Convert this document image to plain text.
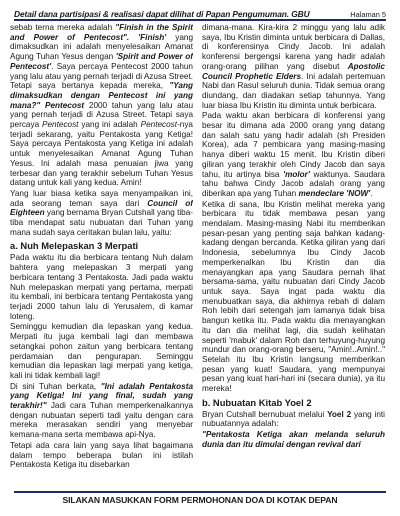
Detail dana partisipasi & realisasi dapat dilihat di Papan Pengumuman. GBU	Halaman 5

sebab terna mereka adalah "Finish in the Spirit and Power of Pentecost". 'Finish' yang dimaksudkan ini adalah menyelesaikan Amanat Agung Tuhan Yesus dengan 'Spirit and Power of Pentecost'. Saya percaya Pentecost 2000 tahun yang lalu atau yang pernah terjadi di Azusa Street. Tetapi saya bertanya kepada mereka, "Yang dimaksudkan dengan Pentecost ini yang mana?" Pentecost 2000 tahun yang lalu atau yang pernah terjadi di Azusa Street. Tetapi saya percaya Pentecost yang ini adalah Pentecost-nya terjadi sekarang, yaitu Pentakosta yang Ketiga! Saya percaya Pentakosta yang Ketiga ini adalah untuk menyelesaikan Amanat Agung Tuhan Yesus. Ini adalah masa penuaian jiwa yang terbesar dan yang terakhir sebelum Tuhan Yesus datang untuk kali yang kedua. Amin!

Yang luar biasa ketika saya menyampaikan ini, ada seorang teman saya dari Council of Eighteen yang bernama Bryan Cutshall yang tiba-tiba mendapat satu nubuatan dari Tuhan yang mana sudah saya ceritakan bulan lalu, yaitu:

a. Nuh Melepaskan 3 Merpati

Pada waktu itu dia berbicara tentang Nuh dalam bahtera yang melepaskan 3 merpati yang berbicara tentang 3 Pentakosta. Jadi pada waktu Nuh melepaskan merpati yang pertama, merpati itu kembali, ini berbicara tentang Pentakosta yang terjadi 2000 tahun lalu di Yerusalem, di kamar loteng.

Seminggu kemudian dia lepaskan yang kedua. Merpati itu juga kembali lagi dan membawa setangkai pohon zaitun yang berbicara tentang perdamaian dan pengurapan. Seminggu kemudian dia lepaskan lagi merpati yang ketiga, kali ini tidak kembali lagi!

Di sini Tuhan berkata, "Ini adalah Pentakosta yang Ketiga! Ini yang final, sudah yang terakhir!" Jadi cara Tuhan memperkenalkannya dengan nubuatan seperti tadi yaitu dengan cara mereka merasakan sendiri yang menyebar kemana-mana serta membawa api-Nya.

Tetapi ada cara lain yang saya lihat bagaimana dalam tempo beberapa bulan ini istilah Pentakosta Ketiga itu disebarkan

dimana-mana. Kira-kira 2 minggu yang lalu adik saya, Ibu Kristin diminta untuk berbicara di Dallas, di konferensinya Cindy Jacob. Ini adalah konferensi bergengsi karena yang hadir adalah orang-orang pilihan yang disebut Apostolic Council Prophetic Elders. Ini adalah pertemuan Nabi dan Rasul seluruh dunia. Tidak semua orang diundang, dan diadakan setiap tahunnya. Yang luar biasa Ibu Kristin itu diminta untuk berbicara.

Pada waktu akan berbicara di konferensi yang besar itu dimana ada 2000 orang yang datang dan salah satu yang hadir adalah (sh Presiden Korea), ada 7 pembicara yang masing-masing hanya diberi waktu 15 menit. Ibu Kristin diberi giliran yang terakhir oleh Cindy Jacob dan saya tahu, itu artinya bisa 'molor' waktunya. Saudara tahu bahwa Cindy Jacob adalah orang yang diberikan apa yang Tuhan mendeclare 'NOW'.

Ketika di sana, Ibu Kristin melihat mereka yang berbicara itu tidak membawa pesan yang mendalam. Masing-masing Nabi itu memberikan pesan-pesan yang penting saja bahkan kadang-kadang dengan bercanda. Ketika giliran yang dari Indonesia, sebelumnya Ibu Cindy Jacob memperkenalkan Ibu Kristin dan dia menayangkan apa yang Saudara pernah lihat bersama-sama, yaitu nubuatan dari Cindy Jacob untuk saya. Saya ingat pada waktu dia menubuatkan saya, dia akhirnya rebah di dalam Roh lebih dari setengah jam lamanya tidak bisa bangun ketika itu. Pada waktu dia menayangkan itu dan dia melihat lagi, dia sudah kelihatan seperti 'mabuk' dalam Roh dan terhuyung-huyung mundur dan orang-orang berseru, "Amin!..Amin!.." Setelah itu Ibu Kristin langsung memberikan pesan yang kuat! Saudara, yang mempunyai pesan yang kuat hari-hari ini (secara dunia), ya itu mereka!

b. Nubuatan Kitab Yoel 2

Bryan Cutshall bernubuat melalui Yoel 2 yang inti nubuatannya adalah:

"Pentakosta Ketiga akan melanda seluruh dunia dan itu dimulai dengan revival dari

SILAKAN MASUKKAN FORM PERMOHONAN DOA DI KOTAK DEPAN
